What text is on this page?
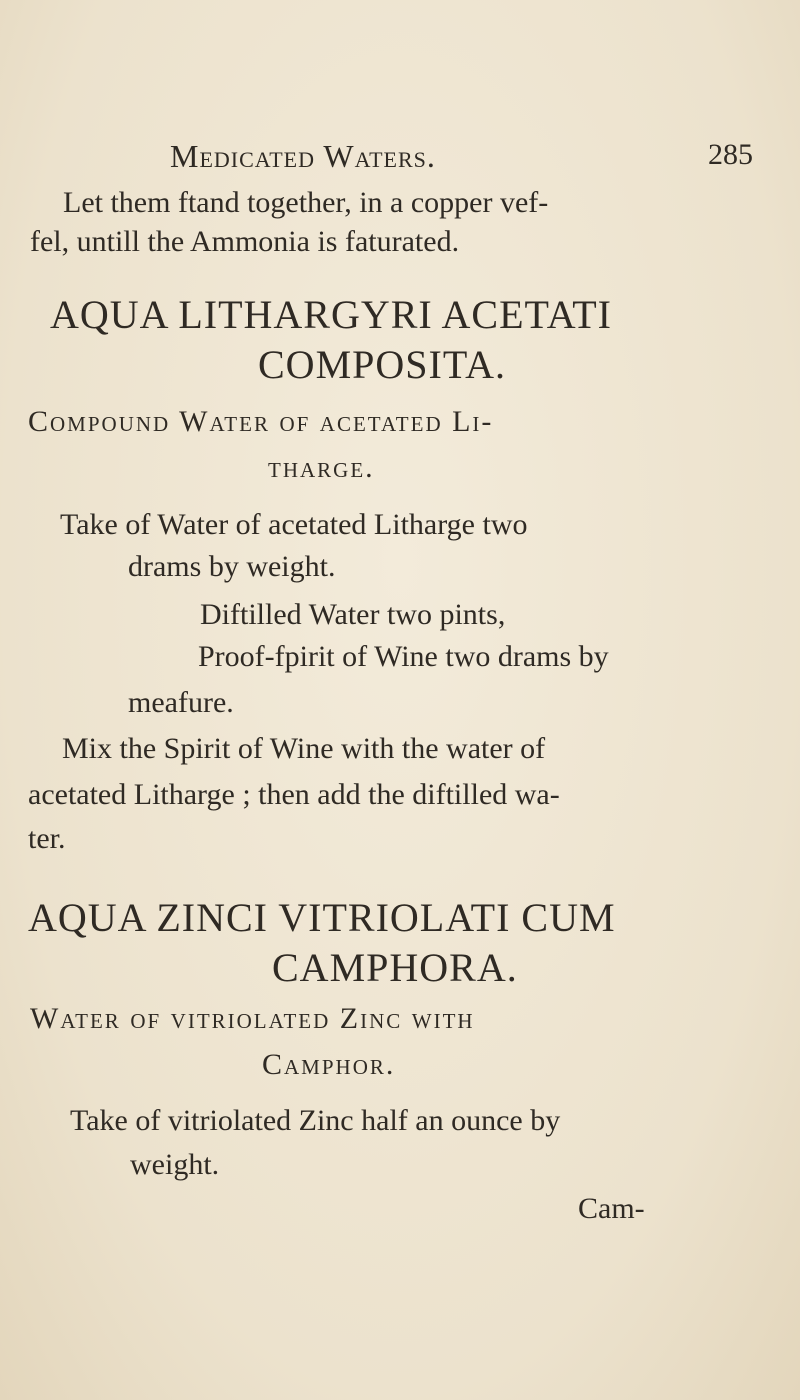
Medicated Waters.	285
Let them ftand together, in a copper vef-
fel, untill the Ammonia is faturated.
AQUA LITHARGYRI ACETATI
COMPOSITA.
Compound Water of acetated Li-
tharge.
Take of Water of acetated Litharge two
drams by weight.
Diftilled Water two pints,
Proof-fpirit of Wine two drams by
meafure.
Mix the Spirit of Wine with the water of
acetated Litharge ; then add the diftilled wa-
ter.
AQUA ZINCI VITRIOLATI CUM
CAMPHORA.
Water of vitriolated Zinc with
Camphor.
Take of vitriolated Zinc half an ounce by
weight.
Cam-
